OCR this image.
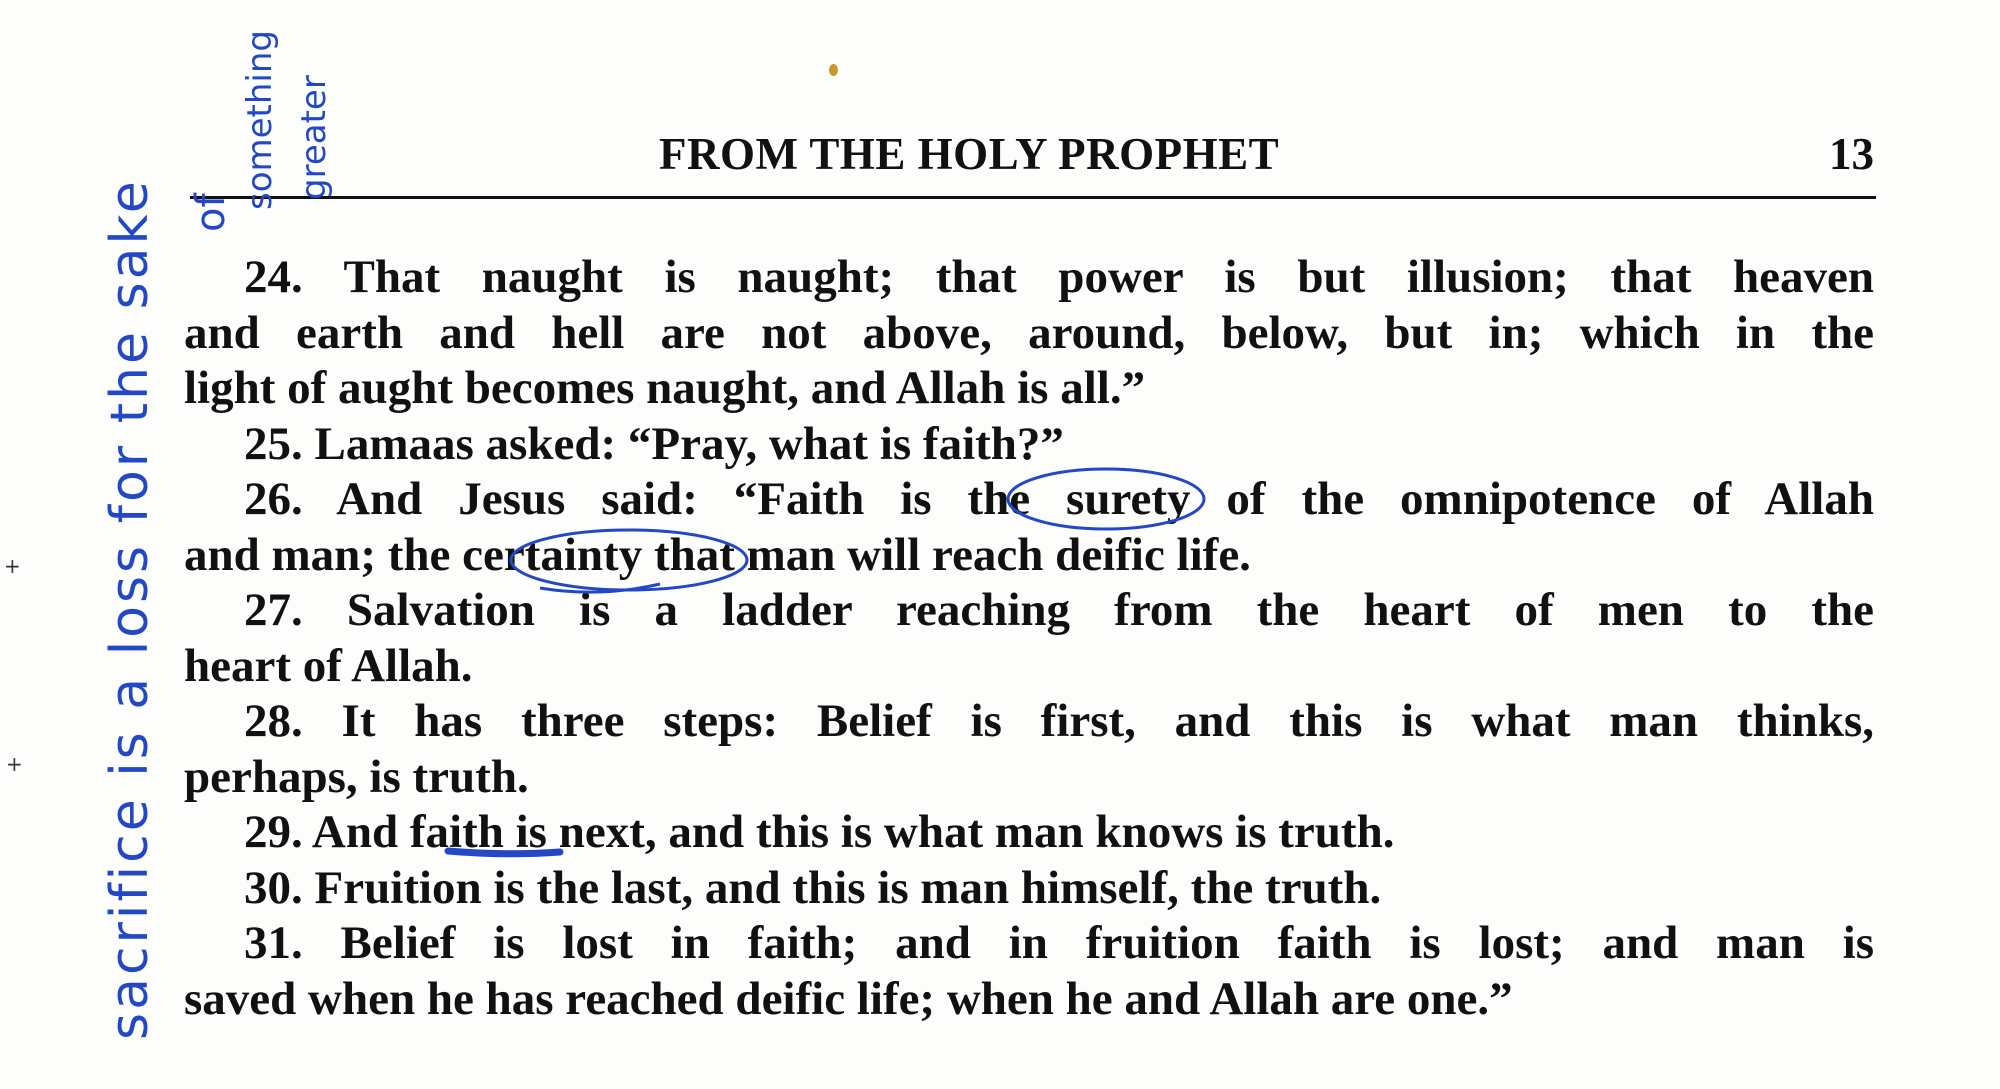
FROM THE HOLY PROPHET	13
24. That naught is naught; that power is but illusion; that heaven
and earth and hell are not above, around, below, but in; which in the
light of aught becomes naught, and Allah is all.”
25. Lamaas asked: “Pray, what is faith?”
26. And Jesus said: “Faith is the surety of the omnipotence of Allah
and man; the certainty that man will reach deific life.
27. Salvation is a ladder reaching from the heart of men to the
heart of Allah.
28. It has three steps: Belief is first, and this is what man thinks,
perhaps, is truth.
29. And faith is next, and this is what man knows is truth.
30. Fruition is the last, and this is man himself, the truth.
31. Belief is lost in faith; and in fruition faith is lost; and man is
saved when he has reached deific life; when he and Allah are one.”
sacrifice is a loss for the sake of
something greater
+
+
